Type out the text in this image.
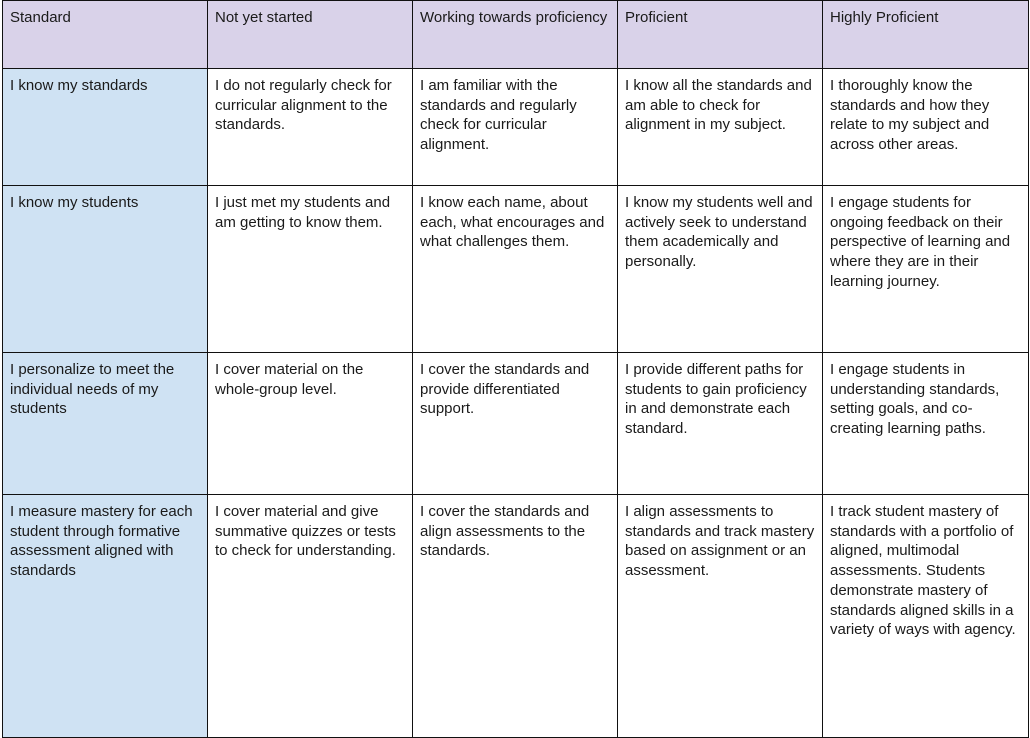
Standard	Not yet started	Working towards proficiency	Proficient	Highly Proficient
I know my standards	I do not regularly check for curricular alignment to the standards.	I am familiar with the standards and regularly check for curricular alignment.	I know all the standards and am able to check for alignment in my subject.	I thoroughly know the standards and how they relate to my subject and across other areas.
I know my students	I just met my students and am getting to know them.	I know each name, about each, what encourages and what challenges them.	I know my students well and actively seek to understand them academically and personally.	I engage students for ongoing feedback on their perspective of learning and where they are in their learning journey.
I personalize to meet the individual needs of my students	I cover material on the whole-group level.	I cover the standards and provide differentiated support.	I provide different paths for students to gain proficiency in and demonstrate each standard.	I engage students in understanding standards, setting goals, and co-creating learning paths.
I measure mastery for each student through formative assessment aligned with standards	I cover material and give summative quizzes or tests to check for understanding.	I cover the standards and align assessments to the standards.	I align assessments to standards and track mastery based on assignment or an assessment.	I track student mastery of standards with a portfolio of aligned, multimodal assessments. Students demonstrate mastery of standards aligned skills in a variety of ways with agency.
